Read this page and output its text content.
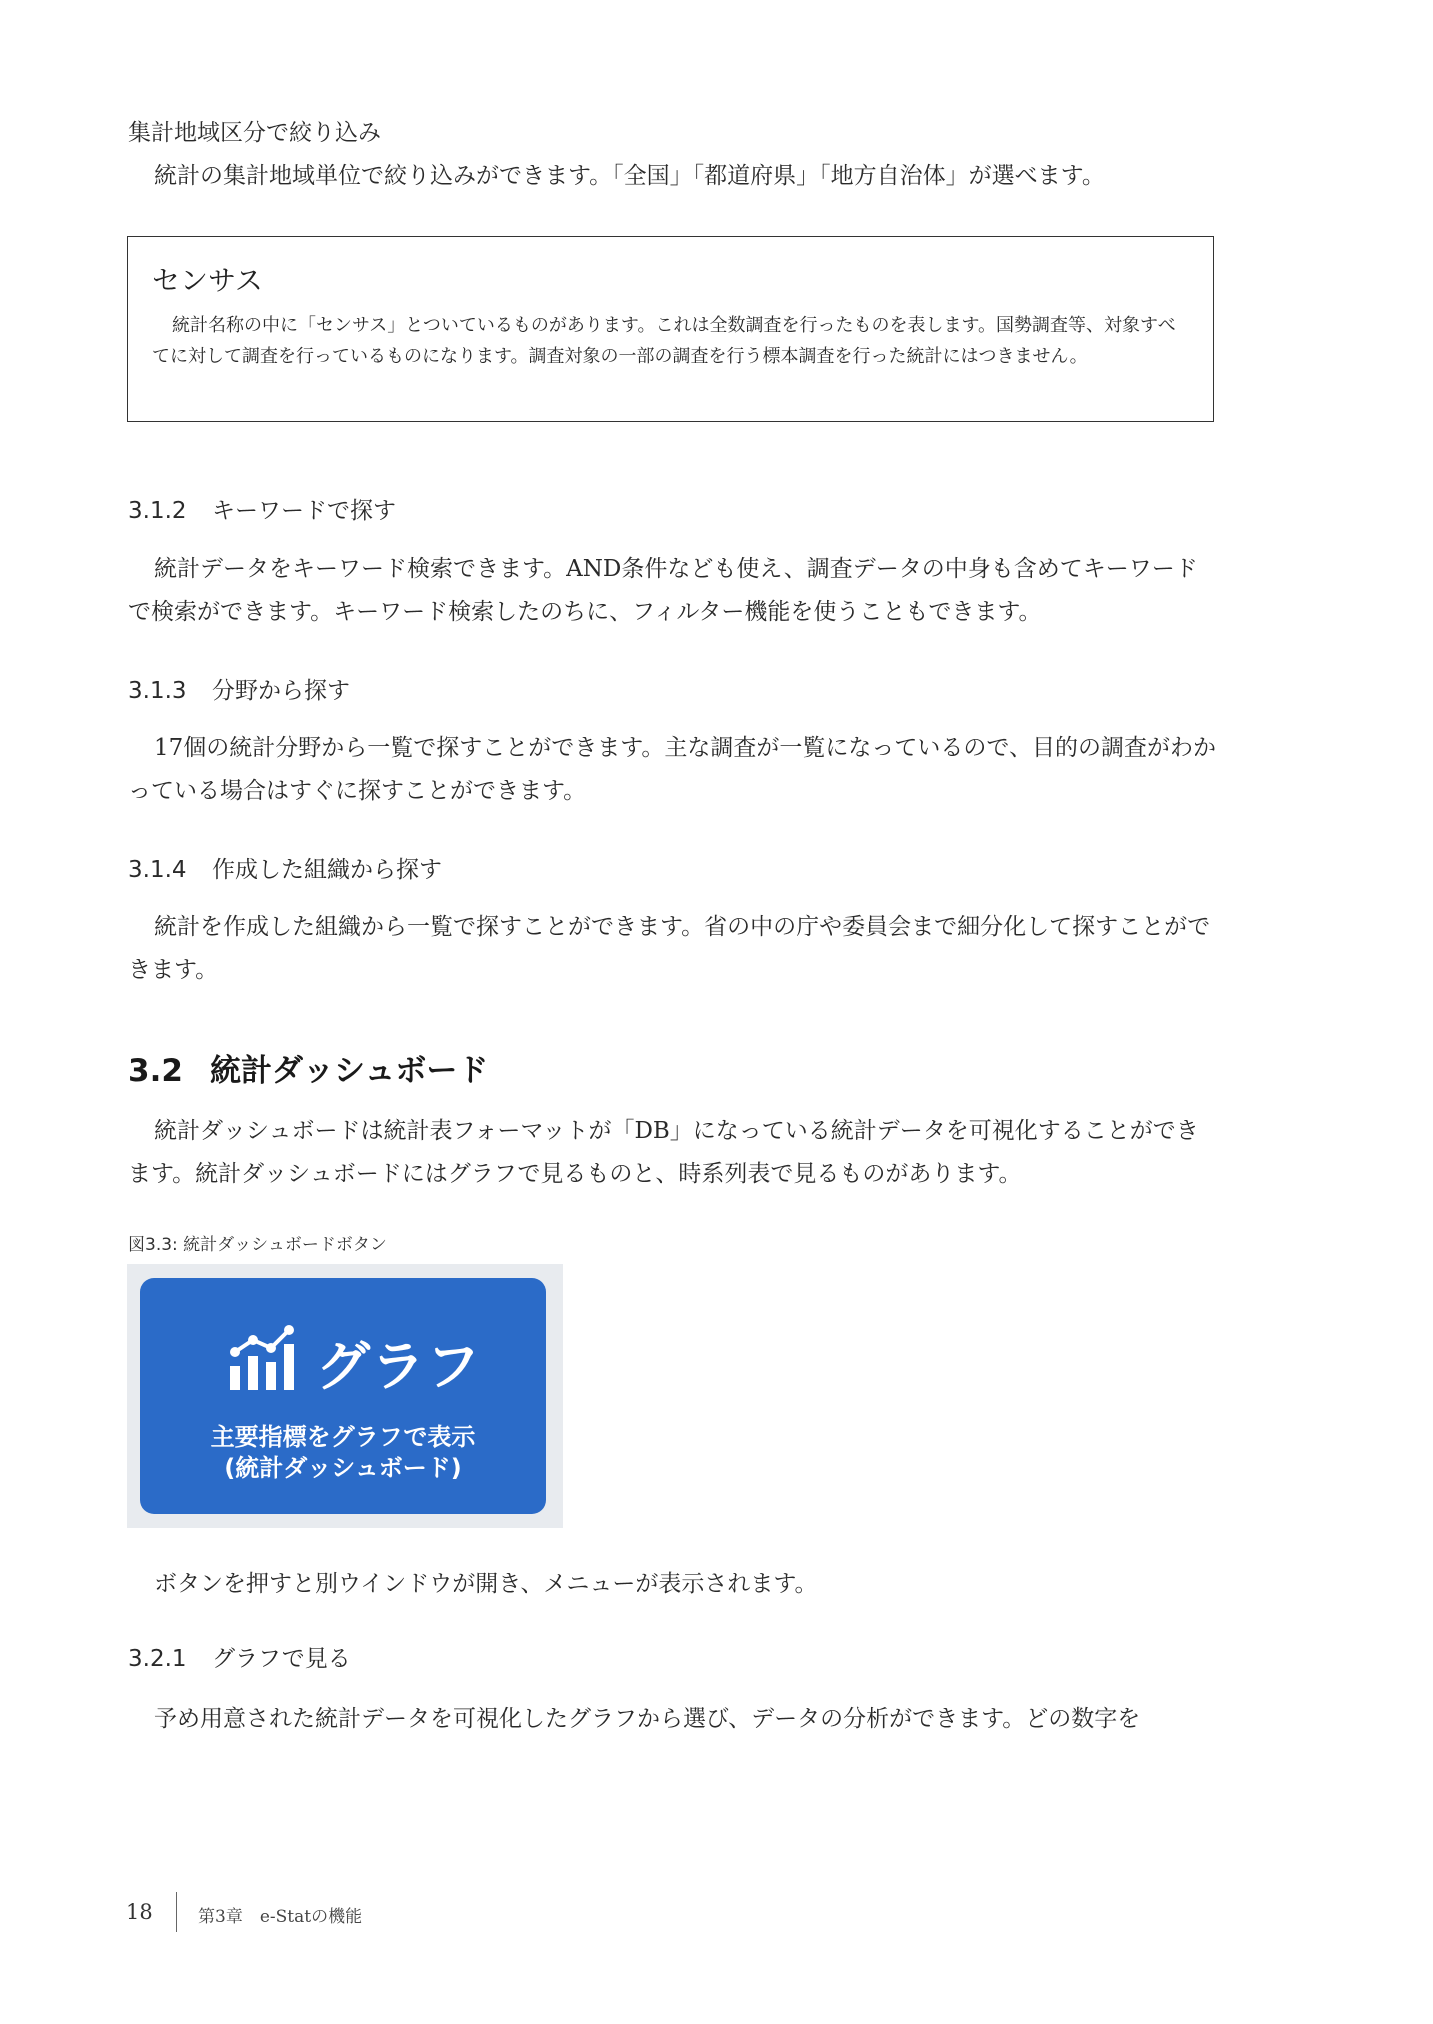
集計地域区分で絞り込み
統計の集計地域単位で絞り込みができます。「全国」「都道府県」「地方自治体」が選べます。
センサス
統計名称の中に「センサス」とついているものがあります。これは全数調査を行ったものを表します。国勢調査等、対象すべてに対して調査を行っているものになります。調査対象の一部の調査を行う標本調査を行った統計にはつきません。
3.1.2 キーワードで探す
統計データをキーワード検索できます。AND条件なども使え、調査データの中身も含めてキーワードで検索ができます。キーワード検索したのちに、フィルター機能を使うこともできます。
3.1.3 分野から探す
17個の統計分野から一覧で探すことができます。主な調査が一覧になっているので、目的の調査がわかっている場合はすぐに探すことができます。
3.1.4 作成した組織から探す
統計を作成した組織から一覧で探すことができます。省の中の庁や委員会まで細分化して探すことができます。
3.2 統計ダッシュボード
統計ダッシュボードは統計表フォーマットが「DB」になっている統計データを可視化することができます。統計ダッシュボードにはグラフで見るものと、時系列表で見るものがあります。
図3.3: 統計ダッシュボードボタン
グラフ
主要指標をグラフで表示
(統計ダッシュボード)
ボタンを押すと別ウインドウが開き、メニューが表示されます。
3.2.1 グラフで見る
予め用意された統計データを可視化したグラフから選び、データの分析ができます。どの数字を
18	第3章　e-Statの機能
